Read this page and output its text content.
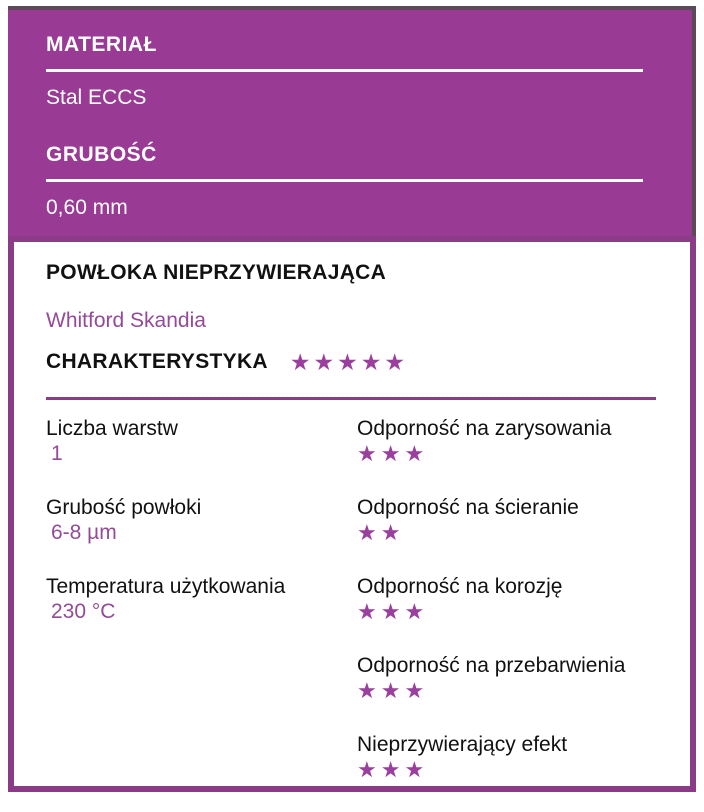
MATERIAŁ
Stal ECCS
GRUBOŚĆ
0,60 mm
POWŁOKA NIEPRZYWIERAJĄCA
Whitford Skandia
CHARAKTERYSTYKA ★★★★★
Liczba warstw
1
Grubość powłoki
6-8 µm
Temperatura użytkowania
230 °C
Odporność na zarysowania
★★★
Odporność na ścieranie
★★
Odporność na korozję
★★★
Odporność na przebarwienia
★★★
Nieprzywierający efekt
★★★
